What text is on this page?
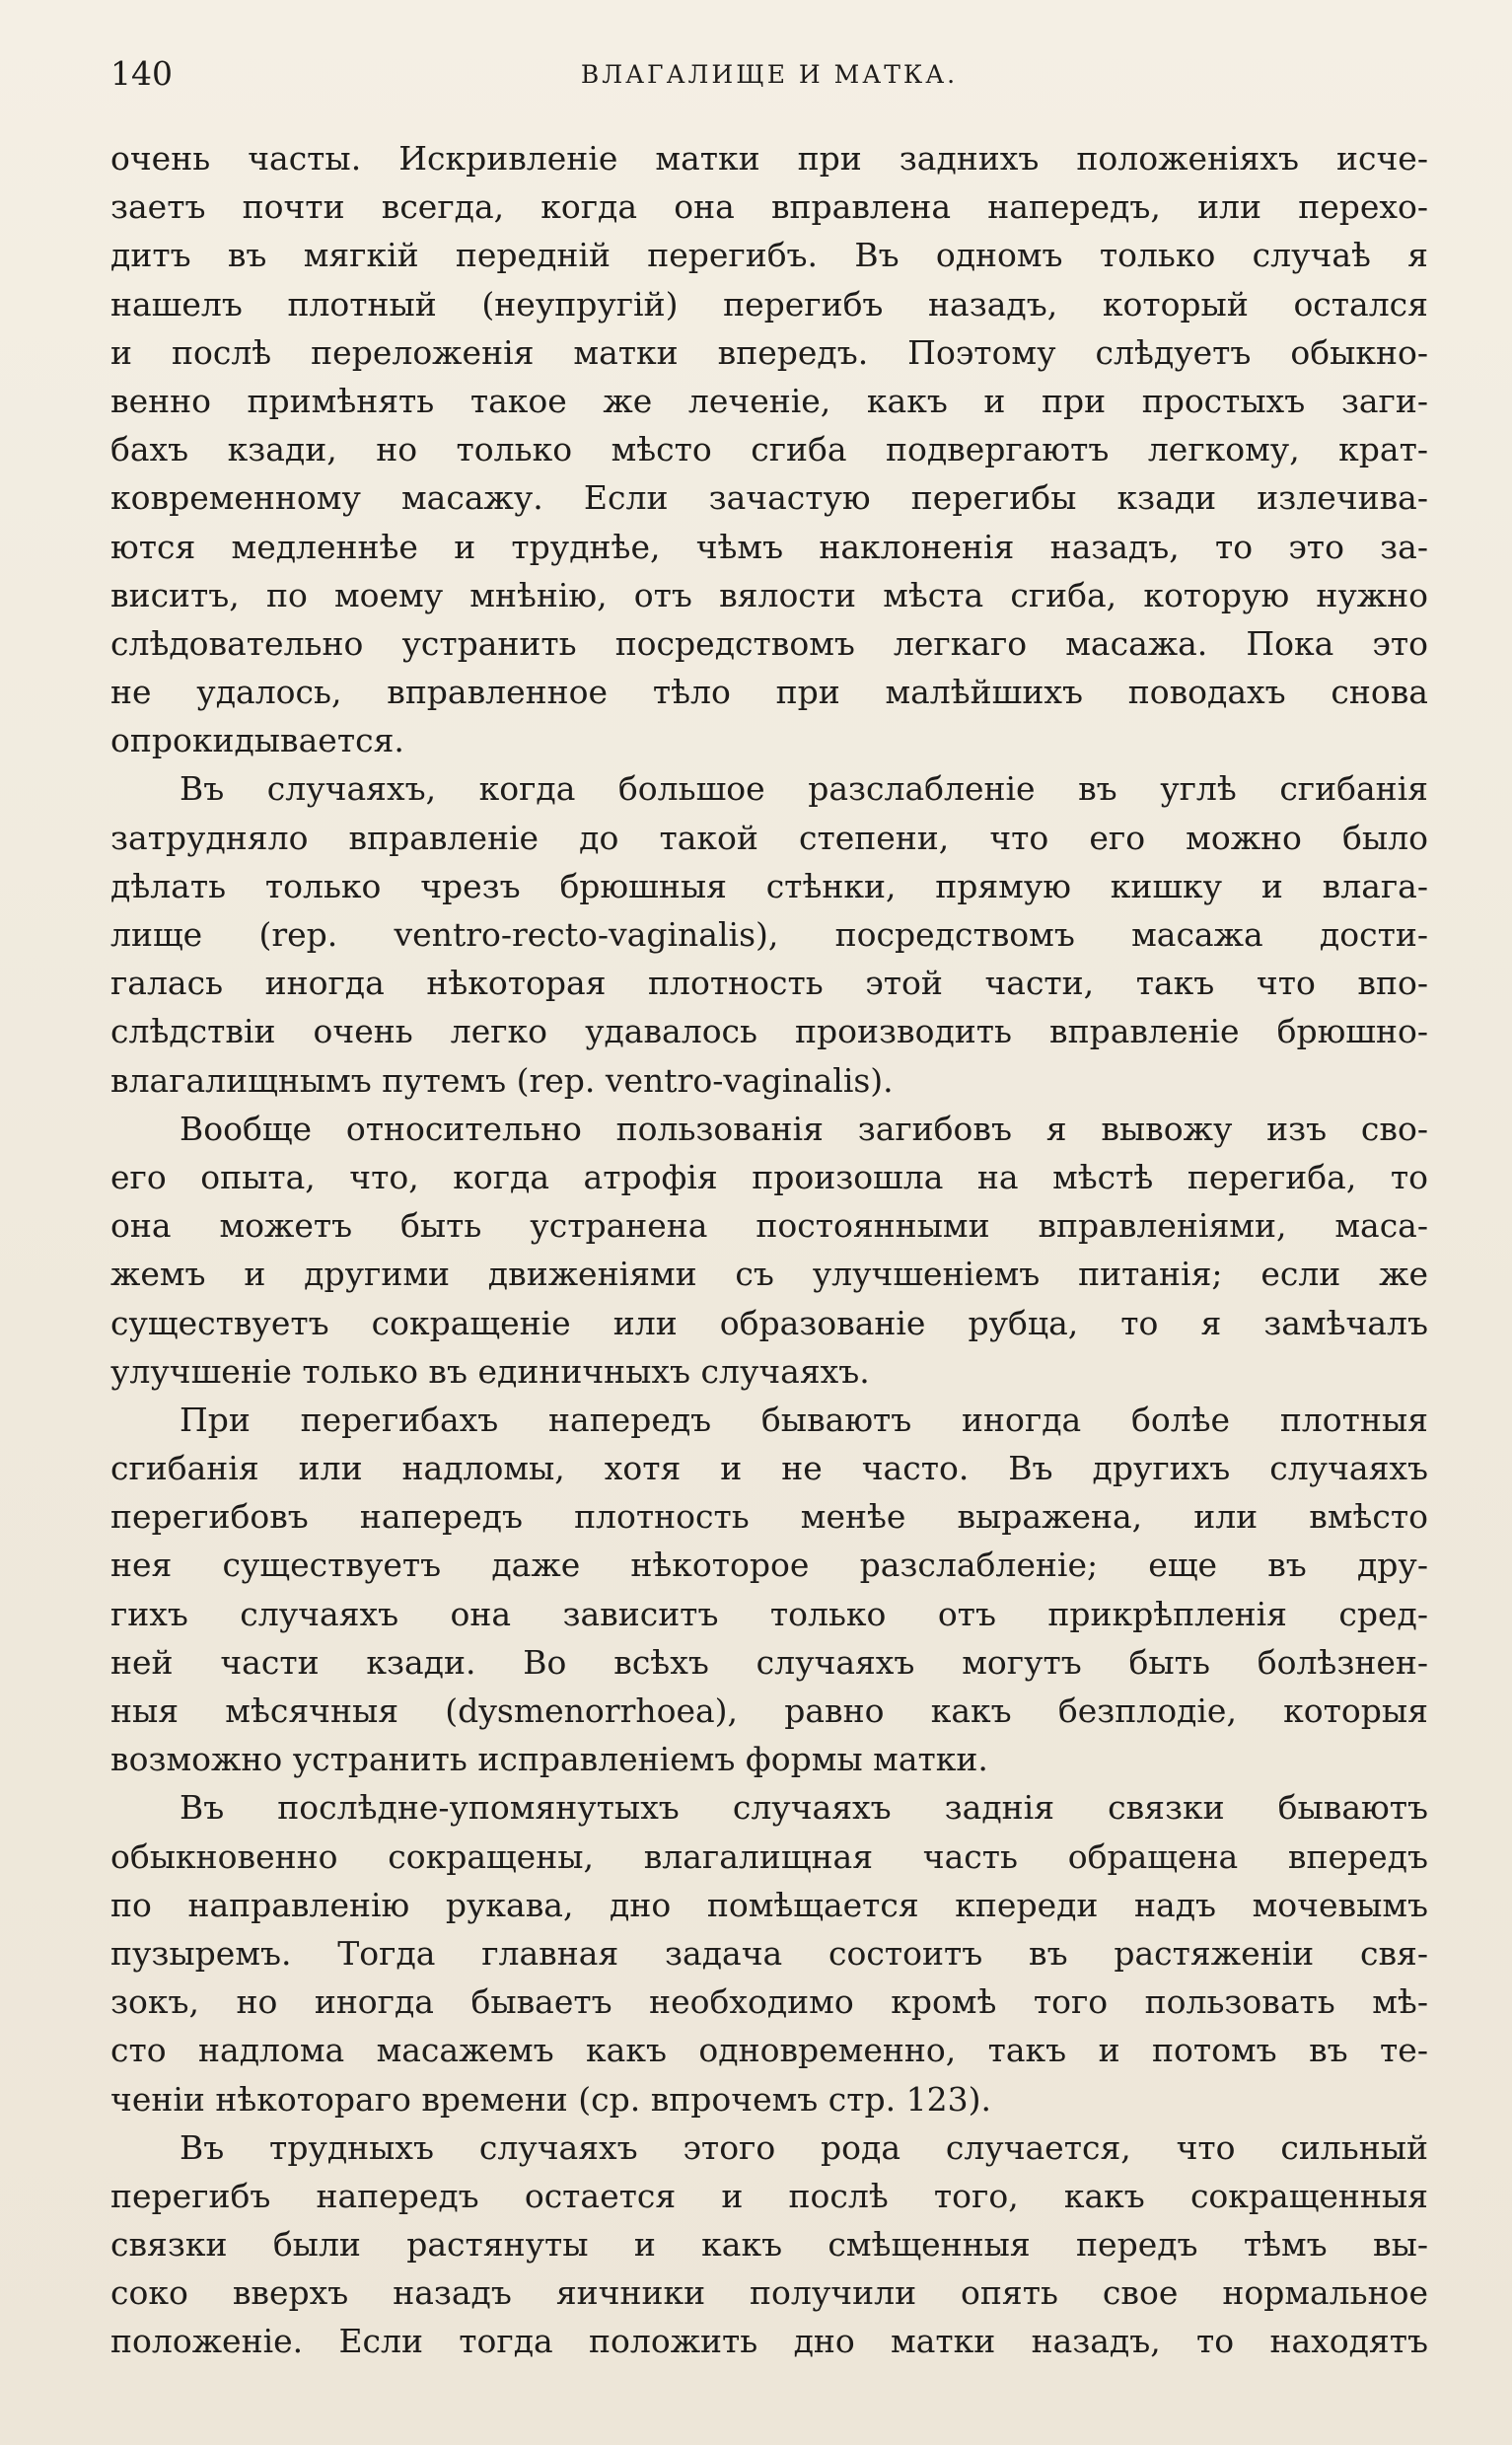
140	ВЛАГАЛИЩЕ И МАТКА.
очень часты. Искривленіе матки при заднихъ положеніяхъ исче-
заетъ почти всегда, когда она вправлена напередъ, или перехо-
дитъ въ мягкій передній перегибъ. Въ одномъ только случаѣ я
нашелъ плотный (неупругій) перегибъ назадъ, который остался
и послѣ переложенія матки впередъ. Поэтому слѣдуетъ обыкно-
венно примѣнять такое же леченіе, какъ и при простыхъ заги-
бахъ кзади, но только мѣсто сгиба подвергаютъ легкому, крат-
ковременному масажу. Если зачастую перегибы кзади излечива-
ются медленнѣе и труднѣе, чѣмъ наклоненія назадъ, то это за-
виситъ, по моему мнѣнію, отъ вялости мѣста сгиба, которую нужно
слѣдовательно устранить посредствомъ легкаго масажа. Пока это
не удалось, вправленное тѣло при малѣйшихъ поводахъ снова
опрокидывается.
Въ случаяхъ, когда большое разслабленіе въ углѣ сгибанія
затрудняло вправленіе до такой степени, что его можно было
дѣлать только чрезъ брюшныя стѣнки, прямую кишку и влага-
лище (rep. ventro-recto-vaginalis), посредствомъ масажа дости-
галась иногда нѣкоторая плотность этой части, такъ что впо-
слѣдствіи очень легко удавалось производить вправленіе брюшно-
влагалищнымъ путемъ (rep. ventro-vaginalis).
Вообще относительно пользованія загибовъ я вывожу изъ сво-
его опыта, что, когда атрофія произошла на мѣстѣ перегиба, то
она можетъ быть устранена постоянными вправленіями, маса-
жемъ и другими движеніями съ улучшеніемъ питанія; если же
существуетъ сокращеніе или образованіе рубца, то я замѣчалъ
улучшеніе только въ единичныхъ случаяхъ.
При перегибахъ напередъ бываютъ иногда болѣе плотныя
сгибанія или надломы, хотя и не часто. Въ другихъ случаяхъ
перегибовъ напередъ плотность менѣе выражена, или вмѣсто
нея существуетъ даже нѣкоторое разслабленіе; еще въ дру-
гихъ случаяхъ она зависитъ только отъ прикрѣпленія сред-
ней части кзади. Во всѣхъ случаяхъ могутъ быть болѣзнен-
ныя мѣсячныя (dysmenorrhoea), равно какъ безплодіе, которыя
возможно устранить исправленіемъ формы матки.
Въ послѣдне-упомянутыхъ случаяхъ заднія связки бываютъ
обыкновенно сокращены, влагалищная часть обращена впередъ
по направленію рукава, дно помѣщается кпереди надъ мочевымъ
пузыремъ. Тогда главная задача состоитъ въ растяженіи свя-
зокъ, но иногда бываетъ необходимо кромѣ того пользовать мѣ-
сто надлома масажемъ какъ одновременно, такъ и потомъ въ те-
ченіи нѣкотораго времени (ср. впрочемъ стр. 123).
Въ трудныхъ случаяхъ этого рода случается, что сильный
перегибъ напередъ остается и послѣ того, какъ сокращенныя
связки были растянуты и какъ смѣщенныя передъ тѣмъ вы-
соко вверхъ назадъ яичники получили опять свое нормальное
положеніе. Если тогда положить дно матки назадъ, то находятъ
